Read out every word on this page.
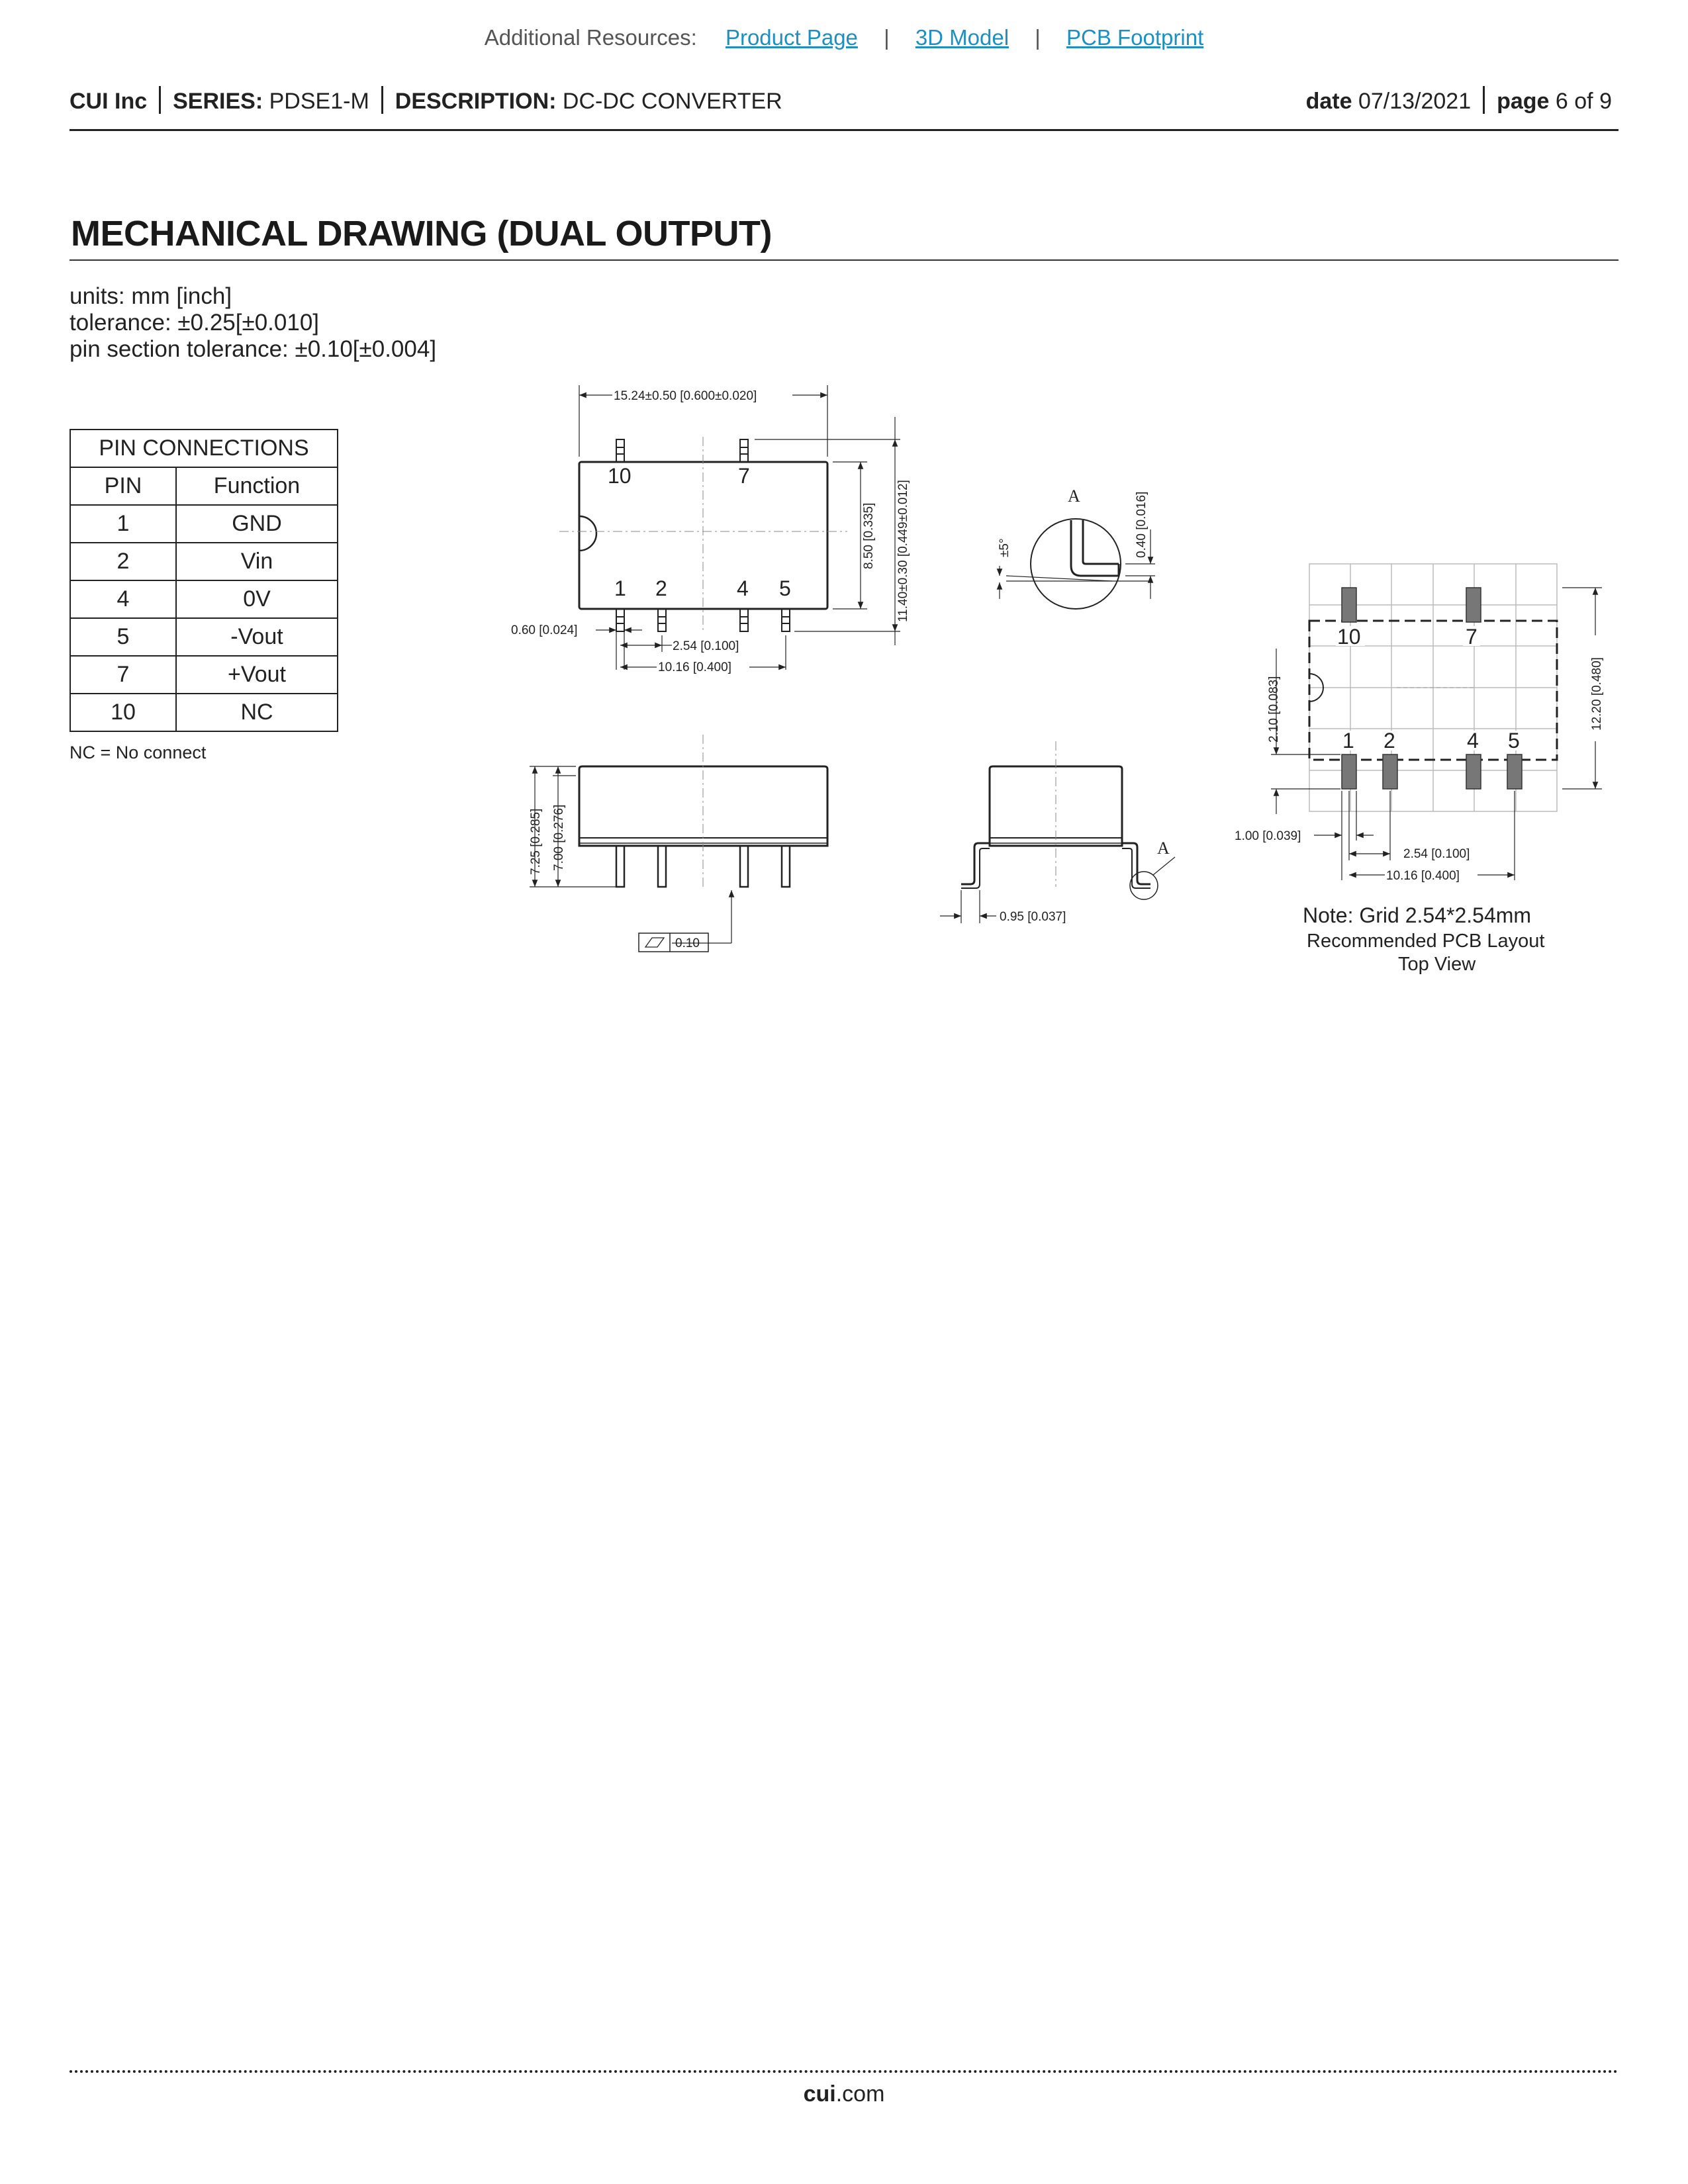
Additional Resources: Product Page | 3D Model | PCB Footprint
CUI Inc SERIES: PDSE1-M DESCRIPTION: DC-DC CONVERTER	date 07/13/2021 page 6 of 9
MECHANICAL DRAWING (DUAL OUTPUT)
units: mm [inch]
tolerance: ±0.25[±0.010]
pin section tolerance: ±0.10[±0.004]
PIN CONNECTIONS	
PIN	Function
1	GND
2	Vin
4	0V
5	-Vout
7	+Vout
10	NC
NC = No connect
10	7
1 2	4 5
15.24±0.50 [0.600±0.020]
8.50 [0.335] 11.40±0.30 [0.449±0.012]
0.60 [0.024]
2.54 [0.100]
10.16 [0.400]
A
±5°	0.40 [0.016]
7.25 [0.285] 7.00 [0.276]
0.10
A
0.95 [0.037]
10	7
1 2	4 5
2.10 [0.083]	12.20 [0.480]
1.00 [0.039]
2.54 [0.100]
10.16 [0.400]
Note: Grid 2.54*2.54mm
Recommended PCB Layout
Top View
cui.com
